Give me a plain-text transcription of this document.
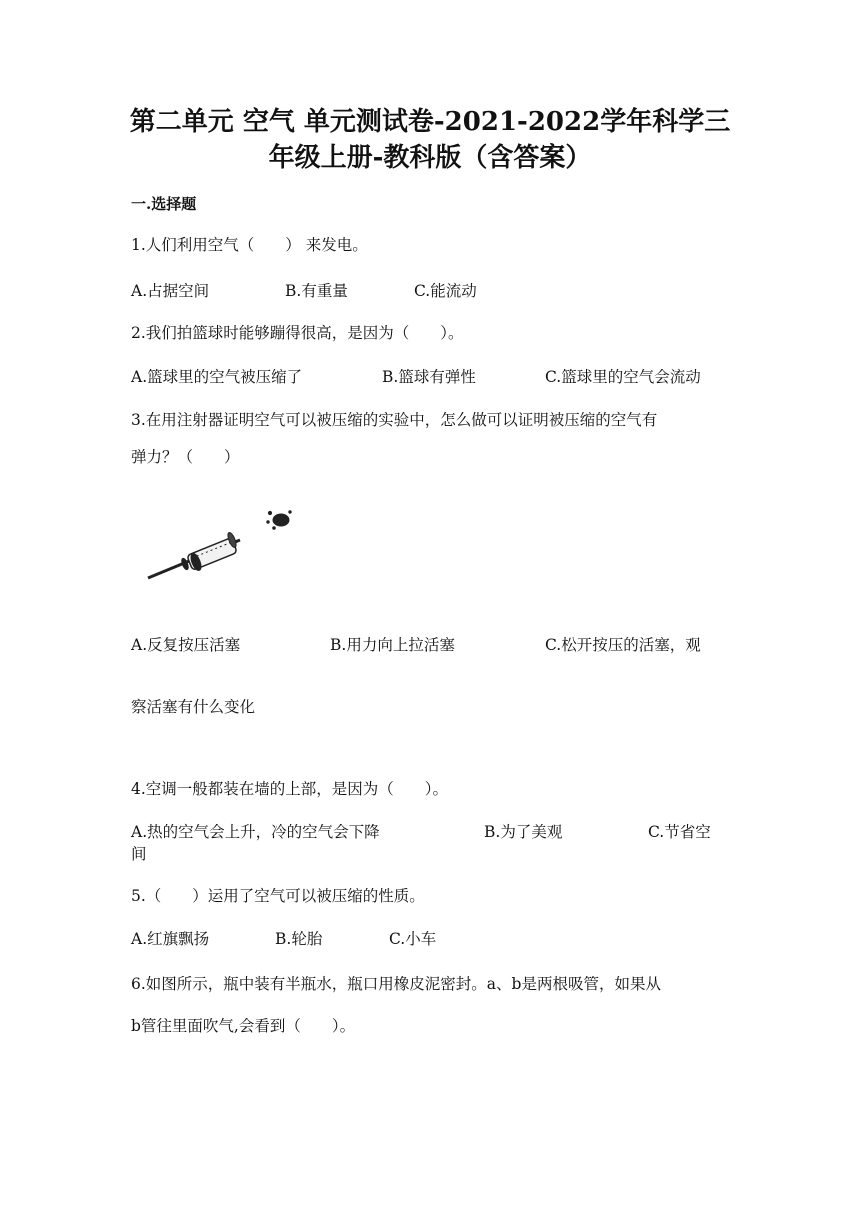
第二单元 空气 单元测试卷-2021-2022学年科学三
年级上册-教科版（含答案）
一.选择题
1.人们利用空气（　　） 来发电。
A.占据空间	B.有重量	C.能流动
2.我们拍篮球时能够蹦得很高，是因为（　　）。
A.篮球里的空气被压缩了	B.篮球有弹性	C.篮球里的空气会流动
3.在用注射器证明空气可以被压缩的实验中，怎么做可以证明被压缩的空气有
弹力？（　　）
A.反复按压活塞	B.用力向上拉活塞	C.松开按压的活塞，观
察活塞有什么变化
4.空调一般都装在墙的上部，是因为（　　）。
A.热的空气会上升，冷的空气会下降	B.为了美观	C.节省空
间
5.（　　）运用了空气可以被压缩的性质。
A.红旗飘扬	B.轮胎	C.小车
6.如图所示，瓶中装有半瓶水，瓶口用橡皮泥密封。a、b是两根吸管，如果从
b管往里面吹气,会看到（　　）。
